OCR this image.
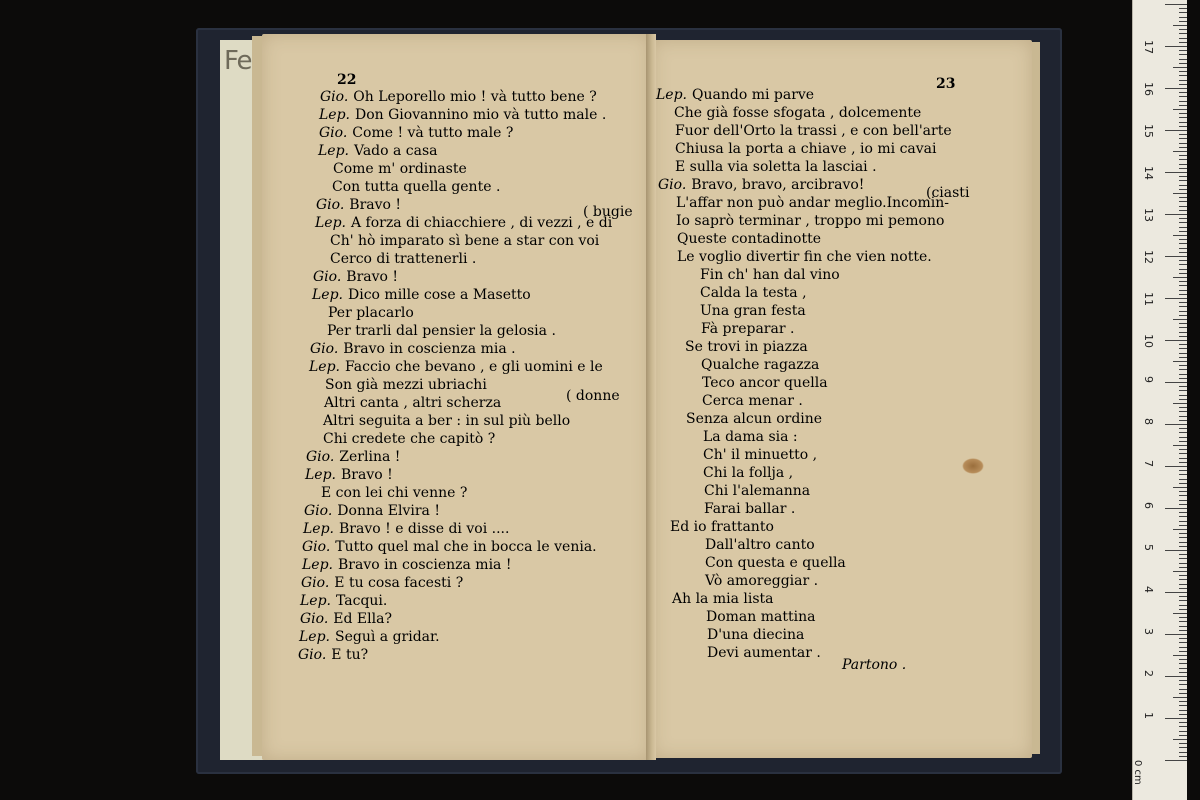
Fe
22	23
Gio. Oh Leporello mio ! và tutto bene ?
Lep. Don Giovannino mio và tutto male .
Gio. Come ! và tutto male ?
Lep. Vado a casa
Come m' ordinaste
Con tutta quella gente .
Gio. Bravo !
Lep. A forza di chiacchiere , di vezzi , e di
Ch' hò imparato sì bene a star con voi
Cerco di trattenerli .
Gio. Bravo !
Lep. Dico mille cose a Masetto
Per placarlo
Per trarli dal pensier la gelosia .
Gio. Bravo in coscienza mia .
Lep. Faccio che bevano , e gli uomini e le
Son già mezzi ubriachi
Altri canta , altri scherza
Altri seguita a ber : in sul più bello
Chi credete che capitò ?
Gio. Zerlina !
Lep. Bravo !
E con lei chi venne ?
Gio. Donna Elvira !
Lep. Bravo ! e disse di voi ....
Gio. Tutto quel mal che in bocca le venia.
Lep. Bravo in coscienza mia !
Gio. E tu cosa facesti ?
Lep. Tacqui.
Gio. Ed Ella?
Lep. Seguì a gridar.
Gio. E tu?
Lep. Quando mi parve
Che già fosse sfogata , dolcemente
Fuor dell'Orto la trassi , e con bell'arte
Chiusa la porta a chiave , io mi cavai
E sulla via soletta la lasciai .
Gio. Bravo, bravo, arcibravo!
L'affar non può andar meglio.Incomin-
Io saprò terminar , troppo mi pemono
Queste contadinotte
Le voglio divertir fin che vien notte.
Fin ch' han dal vino
Calda la testa ,
Una gran festa
Fà preparar .
Se trovi in piazza
Qualche ragazza
Teco ancor quella
Cerca menar .
Senza alcun ordine
La dama sia :
Ch' il minuetto ,
Chi la follja ,
Chi l'alemanna
Farai ballar .
Ed io frattanto
Dall'altro canto
Con questa e quella
Vò amoreggiar .
Ah la mia lista
Doman mattina
D'una diecina
Devi aumentar .
( bugie
( donne
(ciasti
Partono .
0 cm
17
16
15
14
13
12
11
10
9
8
7
6
5
4
3
2
1
